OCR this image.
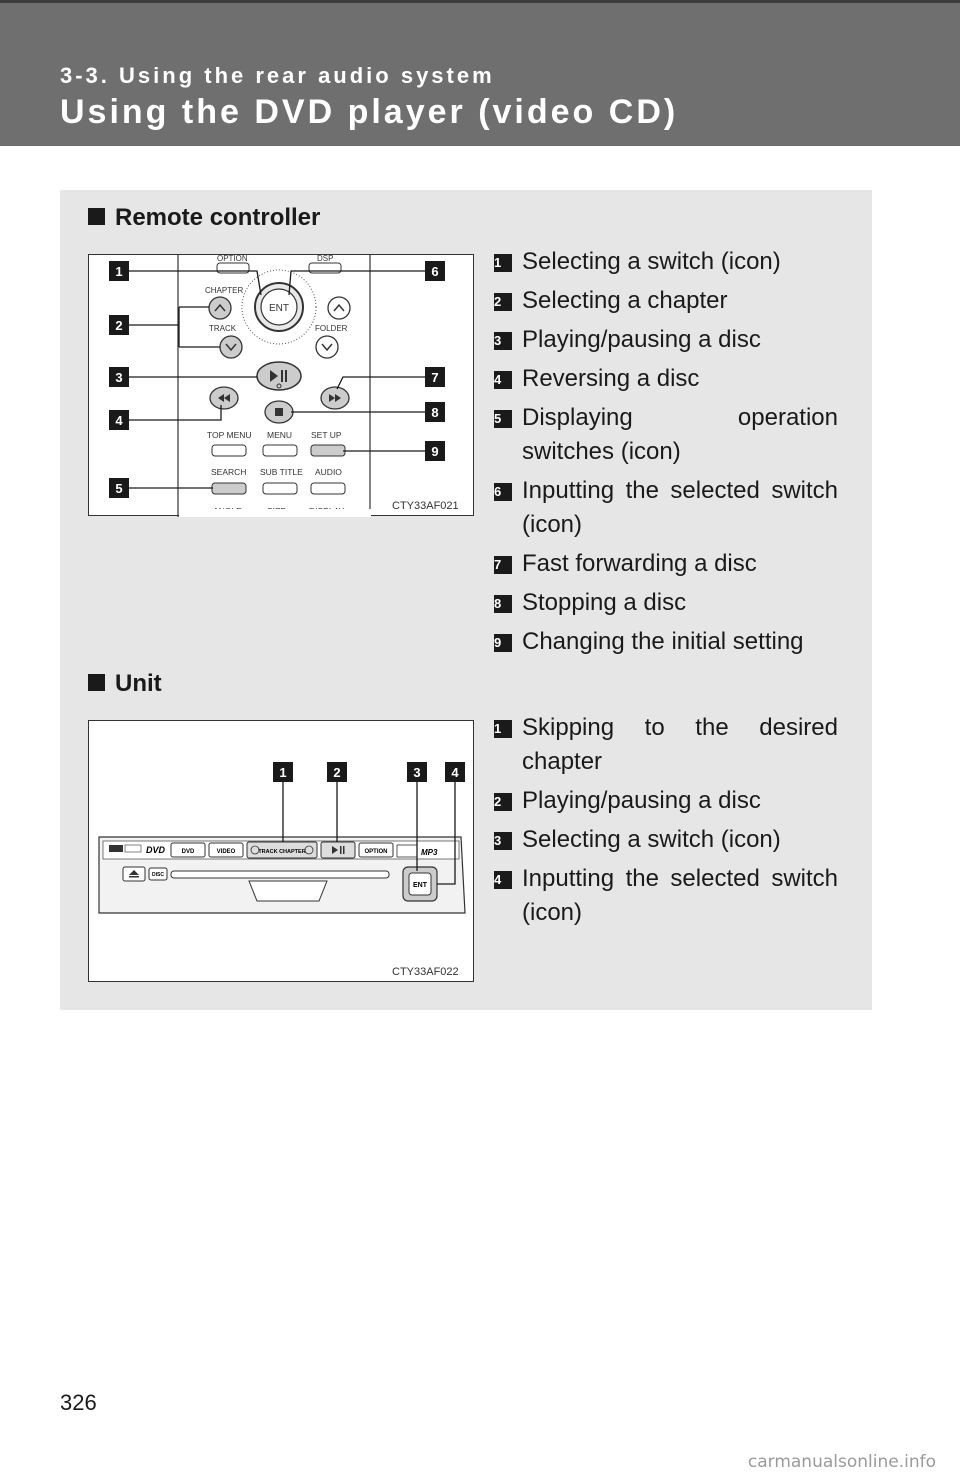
3-3. Using the rear audio system
Using the DVD player (video CD)
Remote controller
OPTION	DSP
ENT
CHAPTER
TRACK	FOLDER
TOP MENU MENU SET UP
SEARCH SUB TITLE AUDIO
1
2
3
4
5
6
7
8
9
CTY33AF021
1 Selecting a switch (icon)
2 Selecting a chapter
3 Playing/pausing a disc
4 Reversing a disc
5 Displaying operation switches (icon)
6 Inputting the selected switch (icon)
7 Fast forwarding a disc
8 Stopping a disc
9 Changing the initial setting
Unit
DVD	VIDEO	TRACK CHAPTER	OPTION	MP3
DVD
DISC
ENT
1	2	3 4
CTY33AF022
1 Skipping to the desired chapter
2 Playing/pausing a disc
3 Selecting a switch (icon)
4 Inputting the selected switch (icon)
326
carmanualsonline.info
